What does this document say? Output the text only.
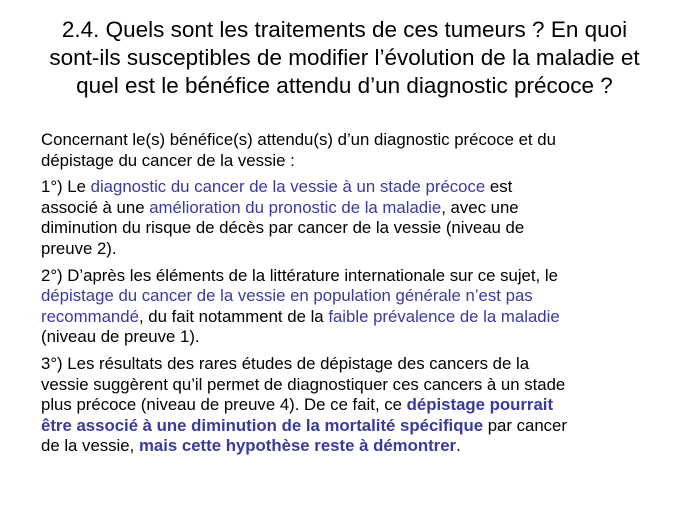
2.4. Quels sont les traitements de ces tumeurs ? En quoi
sont-ils susceptibles de modifier l’évolution de la maladie et
quel est le bénéfice attendu d’un diagnostic précoce ?

Concernant le(s) bénéfice(s) attendu(s) d’un diagnostic précoce et du
dépistage du cancer de la vessie :

1°) Le diagnostic du cancer de la vessie à un stade précoce est
associé à une amélioration du pronostic de la maladie, avec une
diminution du risque de décès par cancer de la vessie (niveau de
preuve 2).

2°) D’après les éléments de la littérature internationale sur ce sujet, le
dépistage du cancer de la vessie en population générale n’est pas
recommandé, du fait notamment de la faible prévalence de la maladie
(niveau de preuve 1).

3°) Les résultats des rares études de dépistage des cancers de la
vessie suggèrent qu’il permet de diagnostiquer ces cancers à un stade
plus précoce (niveau de preuve 4). De ce fait, ce dépistage pourrait
être associé à une diminution de la mortalité spécifique par cancer
de la vessie, mais cette hypothèse reste à démontrer.
